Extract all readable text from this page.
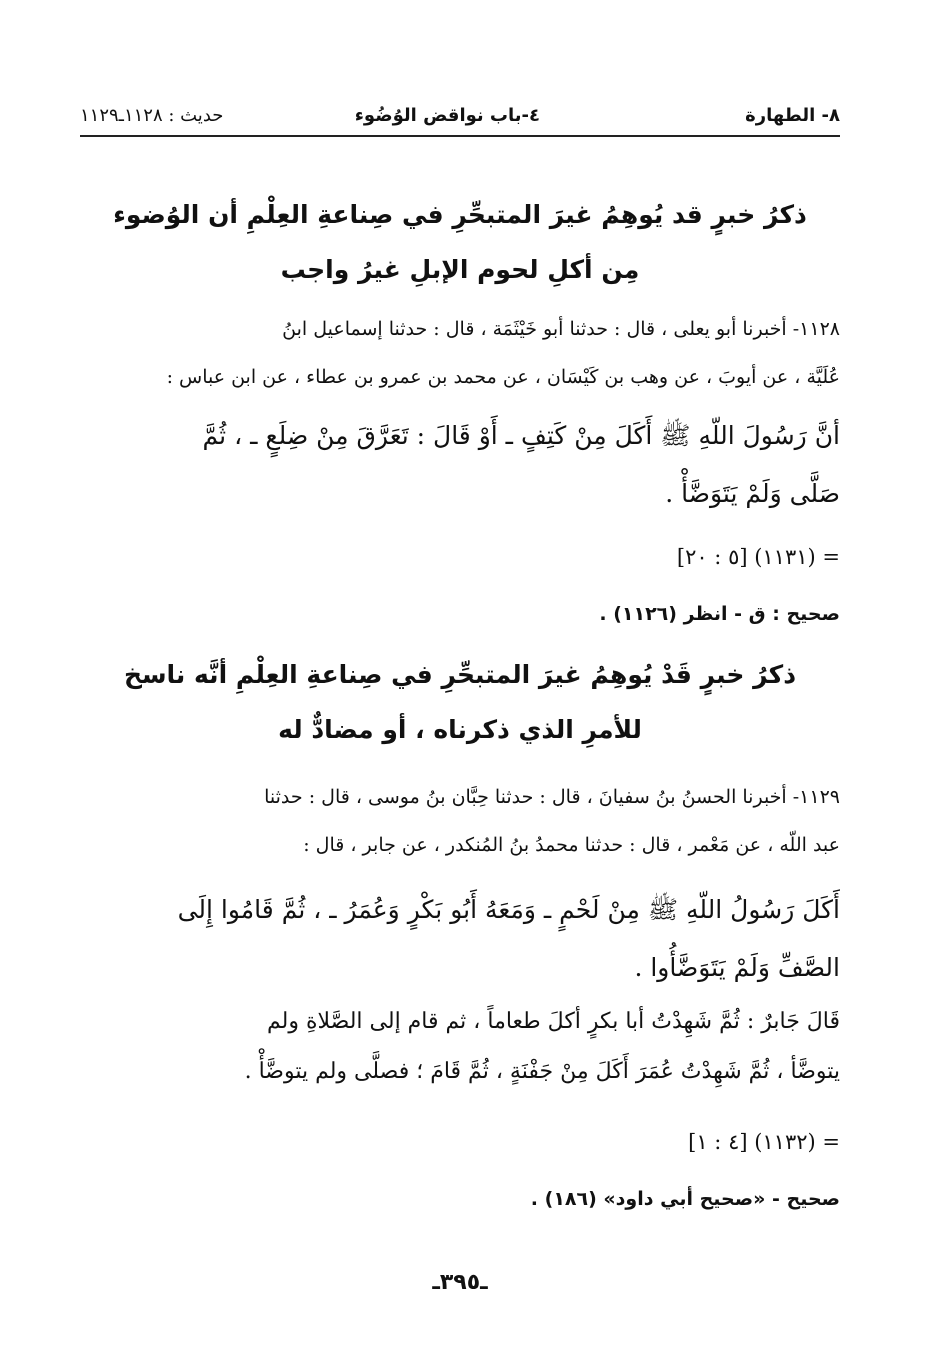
٨- الطهارة
٤-باب نواقض الوُضُوء
حديث : ١١٢٨ـ١١٢٩
ذكرُ خبرٍ قد يُوهِمُ غيرَ المتبحِّرِ في صِناعةِ العِلْمِ أن الوُضوء
مِن أكلِ لحوم الإبلِ غيرُ واجب
١١٢٨- أخبرنا أبو يعلى ، قال : حدثنا أبو خَيْثَمَة ، قال : حدثنا إسماعيل ابنُ
عُلَيَّة ، عن أيوبَ ، عن وهب بن كَيْسَان ، عن محمد بن عمرو بن عطاء ، عن ابن عباس :
أنَّ رَسُولَ اللّهِ ﷺ أَكَلَ مِنْ كَتِفٍ ـ أَوْ قَالَ : تَعَرَّقَ مِنْ ضِلَعٍ ـ ، ثُمَّ
صَلَّى وَلَمْ يَتَوَضَّأْ .
= (١١٣١) [٥ : ٢٠]
صحيح : ق - انظر (١١٢٦) .
ذكرُ خبرٍ قَدْ يُوهِمُ غيرَ المتبحِّرِ في صِناعةِ العِلْمِ أنَّه ناسخ
للأمرِ الذي ذكرناه ، أو مضادٌّ له
١١٢٩- أخبرنا الحسنُ بنُ سفيانَ ، قال : حدثنا حِبَّان بنُ موسى ، قال : حدثنا
عبد اللّه ، عن مَعْمر ، قال : حدثنا محمدُ بنُ المُنكدر ، عن جابر ، قال :
أَكَلَ رَسُولُ اللّهِ ﷺ مِنْ لَحْمٍ ـ وَمَعَهُ أَبُو بَكْرٍ وَعُمَرُ ـ ، ثُمَّ قَامُوا إِلَى
الصَّفِّ وَلَمْ يَتَوَضَّأُوا .
قَالَ جَابرٌ : ثُمَّ شَهِدْتُ أبا بكرٍ أكلَ طعاماً ، ثم قام إلى الصَّلاةِ ولم
يتوضَّأ ، ثُمَّ شَهِدْتُ عُمَرَ أَكَلَ مِنْ جَفْنَةٍ ، ثُمَّ قَامَ ؛ فصلَّى ولم يتوضَّأْ .
= (١١٣٢) [٤ : ١]
صحيح - «صحيح أبي داود» (١٨٦) .
ـ٣٩٥ـ
